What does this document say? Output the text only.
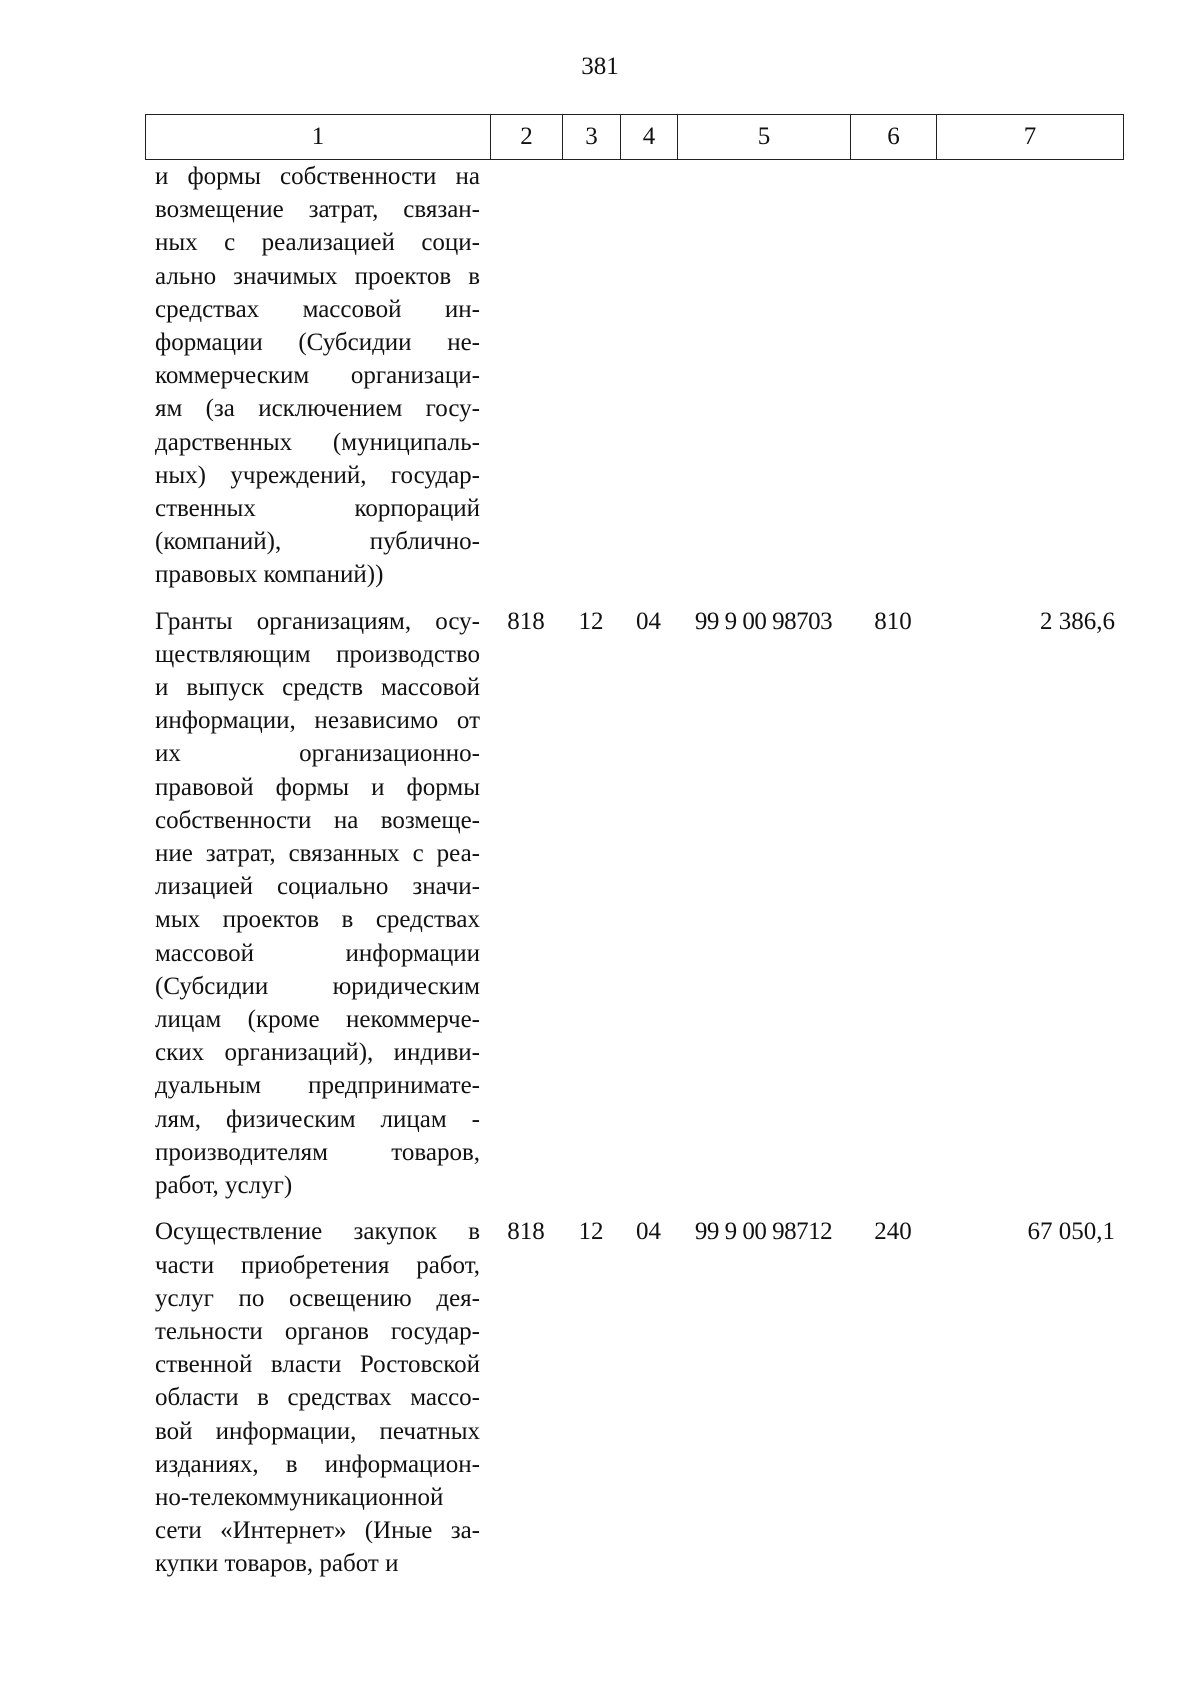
381
1	2	3	4	5	6	7
и формы собственности на
возмещение затрат, связан-
ных с реализацией соци-
ально значимых проектов в
средствах массовой ин-
формации (Субсидии не-
коммерческим организаци-
ям (за исключением госу-
дарственных (муниципаль-
ных) учреждений, государ-
ственных корпораций
(компаний), публично-
правовых компаний))
Гранты организациям, осу-
ществляющим производство
и выпуск средств массовой
информации, независимо от
их организационно-
правовой формы и формы
собственности на возмеще-
ние затрат, связанных с реа-
лизацией социально значи-
мых проектов в средствах
массовой информации
(Субсидии юридическим
лицам (кроме некоммерче-
ских организаций), индиви-
дуальным предпринимате-
лям, физическим лицам -
производителям товаров,
работ, услуг)
818	12	04	99 9 00 98703	810	2 386,6
Осуществление закупок в
части приобретения работ,
услуг по освещению дея-
тельности органов государ-
ственной власти Ростовской
области в средствах массо-
вой информации, печатных
изданиях, в информацион-
но-телекоммуникационной
сети «Интернет» (Иные за-
купки товаров, работ и
818	12	04	99 9 00 98712	240	67 050,1
